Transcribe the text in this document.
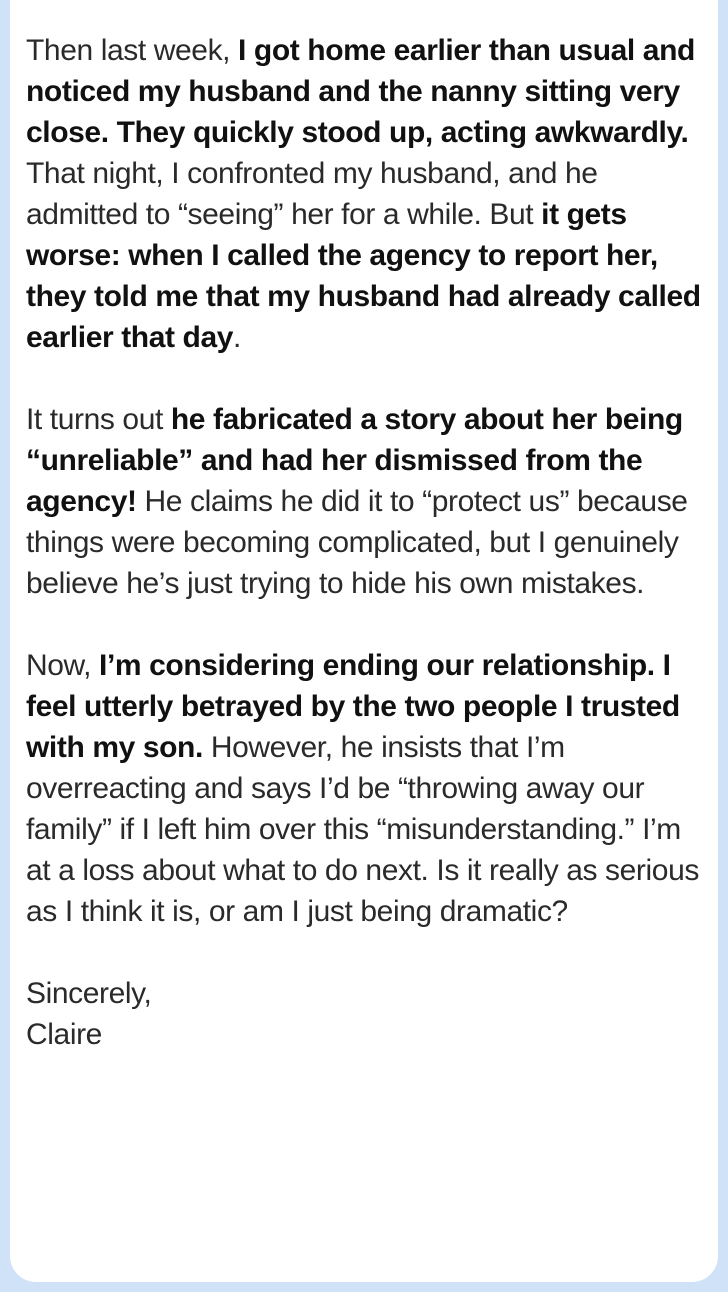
Then last week, I got home earlier than usual and noticed my husband and the nanny sitting very close. They quickly stood up, acting awkwardly. That night, I confronted my husband, and he admitted to “seeing” her for a while. But it gets worse: when I called the agency to report her, they told me that my husband had already called earlier that day.

It turns out he fabricated a story about her being “unreliable” and had her dismissed from the agency! He claims he did it to “protect us” because things were becoming complicated, but I genuinely believe he’s just trying to hide his own mistakes.

Now, I’m considering ending our relationship. I feel utterly betrayed by the two people I trusted with my son. However, he insists that I’m overreacting and says I’d be “throwing away our family” if I left him over this “misunderstanding.” I’m at a loss about what to do next. Is it really as serious as I think it is, or am I just being dramatic?

Sincerely,

Claire
